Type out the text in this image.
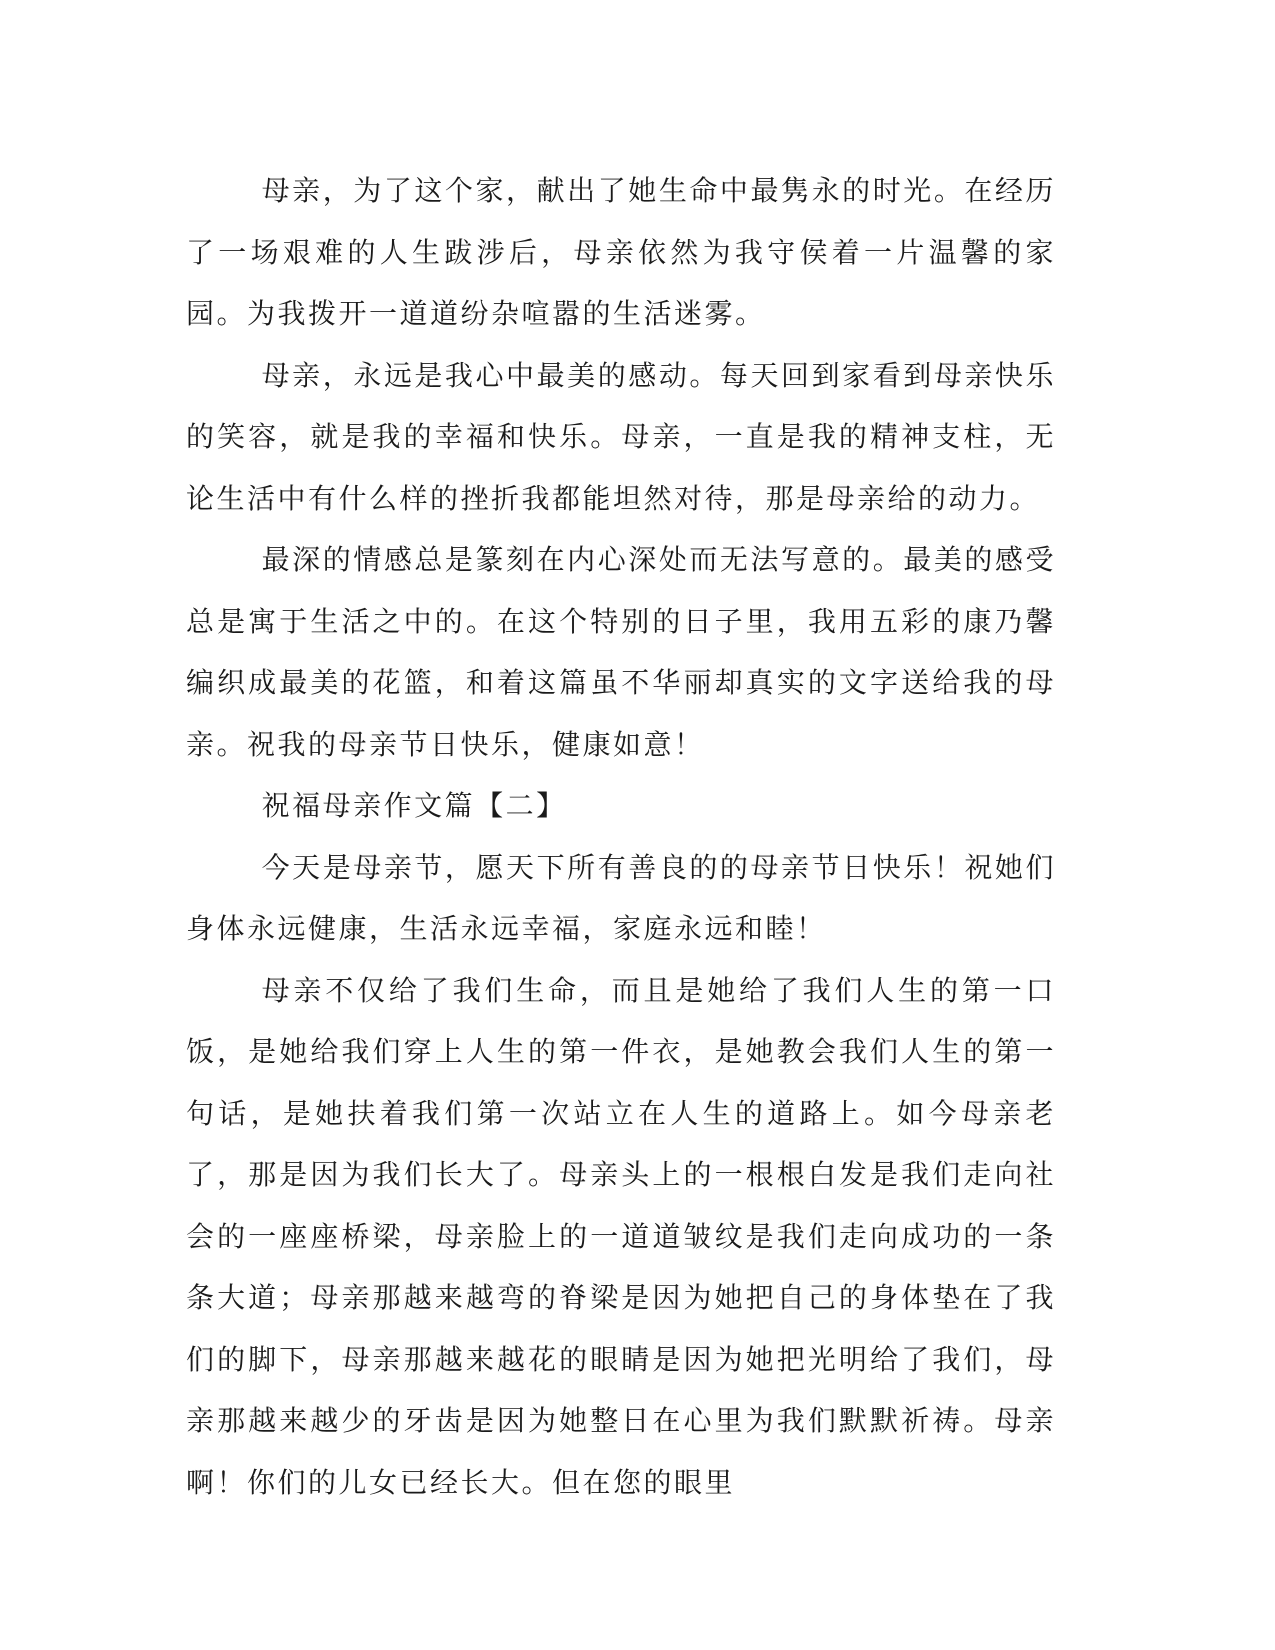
母亲，为了这个家，献出了她生命中最隽永的时光。在经历了一场艰难的人生跋涉后，母亲依然为我守侯着一片温馨的家园。为我拨开一道道纷杂喧嚣的生活迷雾。

母亲，永远是我心中最美的感动。每天回到家看到母亲快乐的笑容，就是我的幸福和快乐。母亲，一直是我的精神支柱，无论生活中有什么样的挫折我都能坦然对待，那是母亲给的动力。

最深的情感总是篆刻在内心深处而无法写意的。最美的感受总是寓于生活之中的。在这个特别的日子里，我用五彩的康乃馨编织成最美的花篮，和着这篇虽不华丽却真实的文字送给我的母亲。祝我的母亲节日快乐，健康如意！

祝福母亲作文篇【二】

今天是母亲节，愿天下所有善良的的母亲节日快乐！祝她们身体永远健康，生活永远幸福，家庭永远和睦！

母亲不仅给了我们生命，而且是她给了我们人生的第一口饭，是她给我们穿上人生的第一件衣，是她教会我们人生的第一句话，是她扶着我们第一次站立在人生的道路上。如今母亲老了，那是因为我们长大了。母亲头上的一根根白发是我们走向社会的一座座桥梁，母亲脸上的一道道皱纹是我们走向成功的一条条大道；母亲那越来越弯的脊梁是因为她把自己的身体垫在了我们的脚下，母亲那越来越花的眼睛是因为她把光明给了我们，母亲那越来越少的牙齿是因为她整日在心里为我们默默祈祷。母亲啊！你们的儿女已经长大。但在您的眼里
